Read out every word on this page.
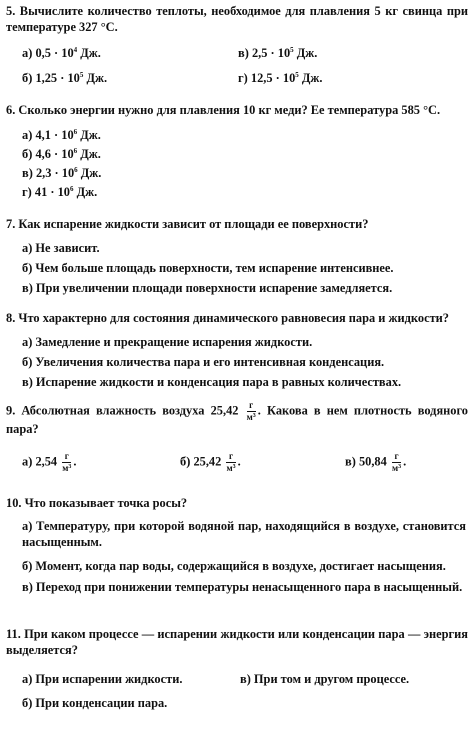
5. Вычислите количество теплоты, необходимое для плавления 5 кг свинца при температуре 327 °С.
а) $0,5 \cdot 10^4$ Дж.
б) $1,25 \cdot 10^5$ Дж.
в) $2,5 \cdot 10^5$ Дж.
г) $12,5 \cdot 10^5$ Дж.
6. Сколько энергии нужно для плавления 10 кг меди? Ее температура 585 °С.
а) $4,1 \cdot 10^6$ Дж.
б) $4,6 \cdot 10^6$ Дж.
в) $2,3 \cdot 10^6$ Дж.
г) $41 \cdot 10^6$ Дж.
7. Как испарение жидкости зависит от площади ее поверхности?
а) Не зависит.
б) Чем больше площадь поверхности, тем испарение интенсивнее.
в) При увеличении площади поверхности испарение замедляется.
8. Что характерно для состояния динамического равновесия пара и жидкости?
а) Замедление и прекращение испарения жидкости.
б) Увеличения количества пара и его интенсивная конденсация.
в) Испарение жидкости и конденсация пара в равных количествах.
9. Абсолютная влажность воздуха $25,42 \frac{г}{м^3}$ . Какова в нем плотность водяного пара?
а) $2,54 \frac{г}{м^3}$ .	б) $25,42 \frac{г}{м^3}$ .	в) $50,84 \frac{г}{м^3}$ .
10. Что показывает точка росы?
а) Температуру, при которой водяной пар, находящийся в воздухе, становится насыщенным.
б) Момент, когда пар воды, содержащийся в воздухе, достигает насыщения.
в) Переход при понижении температуры ненасыщенного пара в насыщенный.
11. При каком процессе — испарении жидкости или конденсации пара — энергия выделяется?
а) При испарении жидкости.	в) При том и другом процессе.
б) При конденсации пара.
